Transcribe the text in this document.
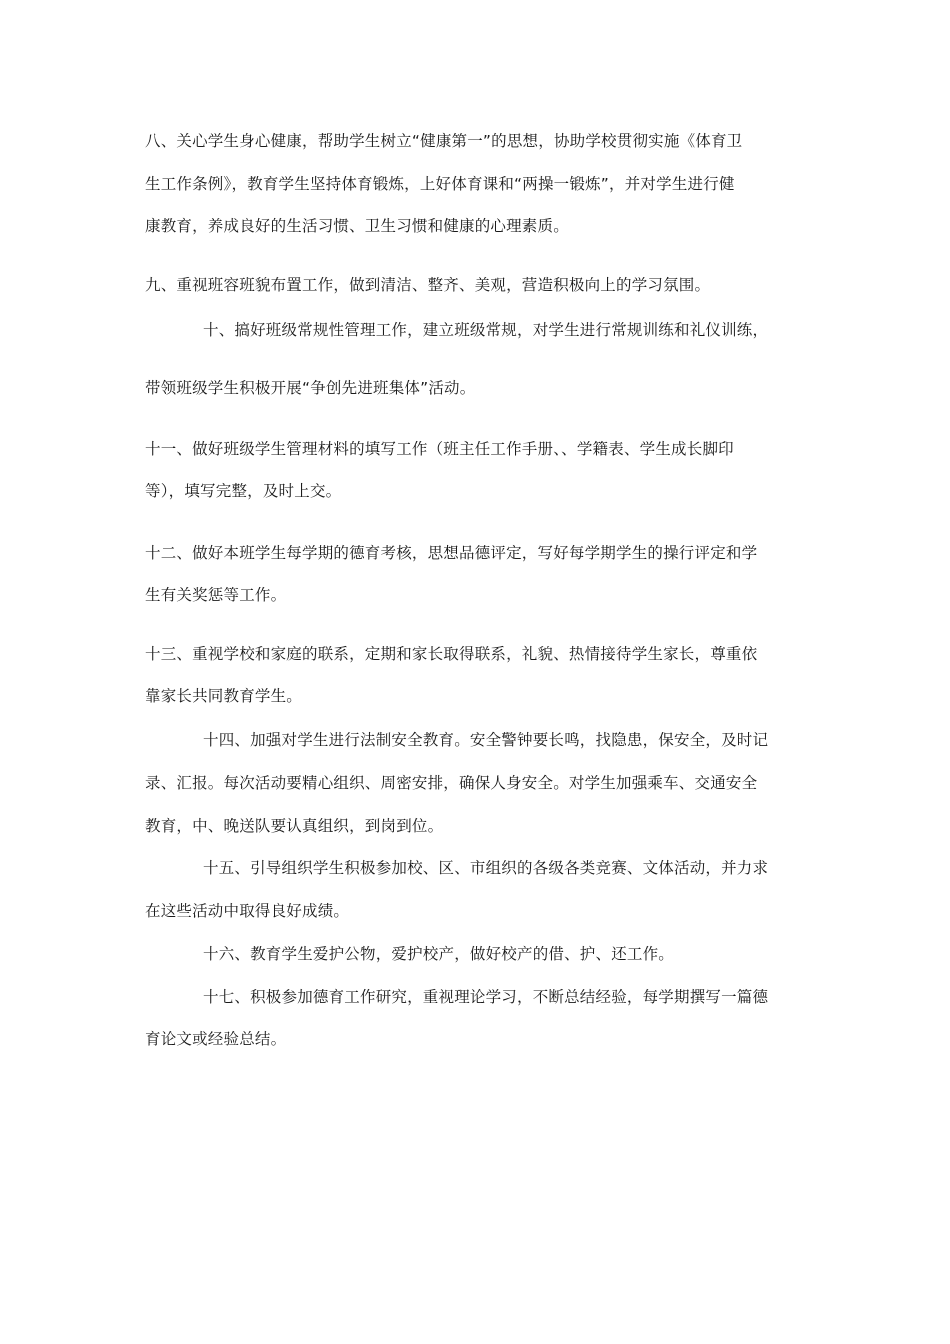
八、关心学生身心健康，帮助学生树立“健康第一”的思想，协助学校贯彻实施《体育卫
生工作条例》，教育学生坚持体育锻炼，上好体育课和“两操一锻炼”，并对学生进行健
康教育，养成良好的生活习惯、卫生习惯和健康的心理素质。
九、重视班容班貌布置工作，做到清洁、整齐、美观，营造积极向上的学习氛围。
十、搞好班级常规性管理工作，建立班级常规，对学生进行常规训练和礼仪训练，
带领班级学生积极开展“争创先进班集体”活动。
十一、做好班级学生管理材料的填写工作（班主任工作手册、、学籍表、学生成长脚印
等），填写完整，及时上交。
十二、做好本班学生每学期的德育考核，思想品德评定，写好每学期学生的操行评定和学
生有关奖惩等工作。
十三、重视学校和家庭的联系，定期和家长取得联系，礼貌、热情接待学生家长，尊重依
靠家长共同教育学生。
十四、加强对学生进行法制安全教育。安全警钟要长鸣，找隐患，保安全，及时记
录、汇报。每次活动要精心组织、周密安排，确保人身安全。对学生加强乘车、交通安全
教育，中、晚送队要认真组织，到岗到位。
十五、引导组织学生积极参加校、区、市组织的各级各类竞赛、文体活动，并力求
在这些活动中取得良好成绩。
十六、教育学生爱护公物，爱护校产，做好校产的借、护、还工作。
十七、积极参加德育工作研究，重视理论学习，不断总结经验，每学期撰写一篇德
育论文或经验总结。
